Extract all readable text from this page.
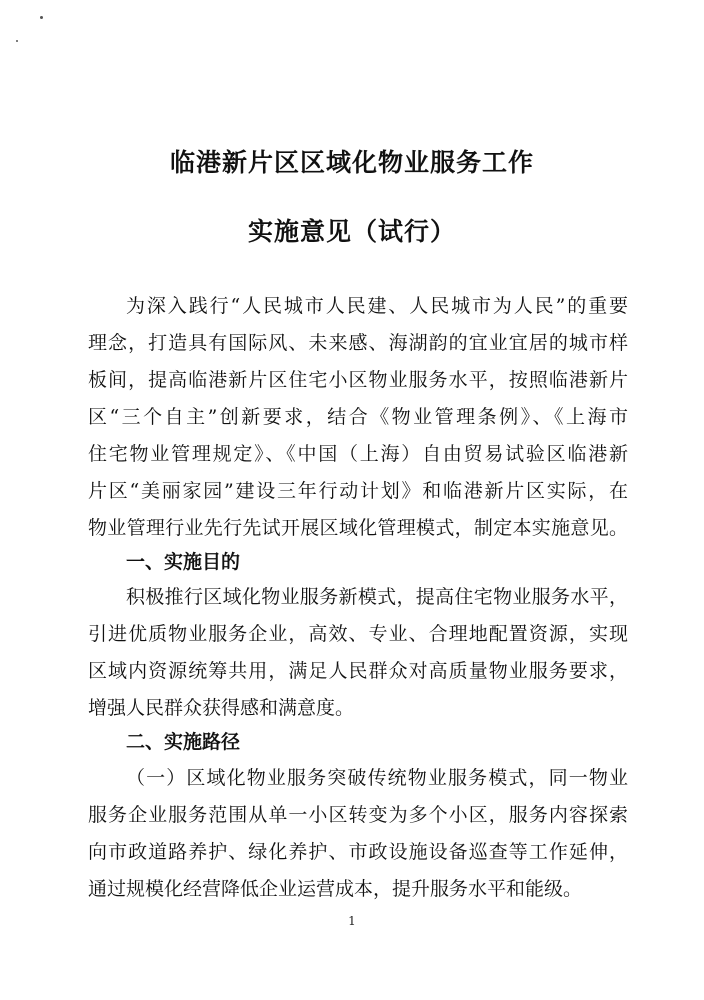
临港新片区区域化物业服务工作
实施意见（试行）
为深入践行“人民城市人民建、人民城市为人民”的重要
理念，打造具有国际风、未来感、海湖韵的宜业宜居的城市样
板间，提高临港新片区住宅小区物业服务水平，按照临港新片
区“三个自主”创新要求，结合《物业管理条例》、《上海市
住宅物业管理规定》、《中国（上海）自由贸易试验区临港新
片区“美丽家园”建设三年行动计划》和临港新片区实际，在
物业管理行业先行先试开展区域化管理模式，制定本实施意见。
一、实施目的
积极推行区域化物业服务新模式，提高住宅物业服务水平，
引进优质物业服务企业，高效、专业、合理地配置资源，实现
区域内资源统筹共用，满足人民群众对高质量物业服务要求，
增强人民群众获得感和满意度。
二、实施路径
（一）区域化物业服务突破传统物业服务模式，同一物业
服务企业服务范围从单一小区转变为多个小区，服务内容探索
向市政道路养护、绿化养护、市政设施设备巡查等工作延伸，
通过规模化经营降低企业运营成本，提升服务水平和能级。
1
